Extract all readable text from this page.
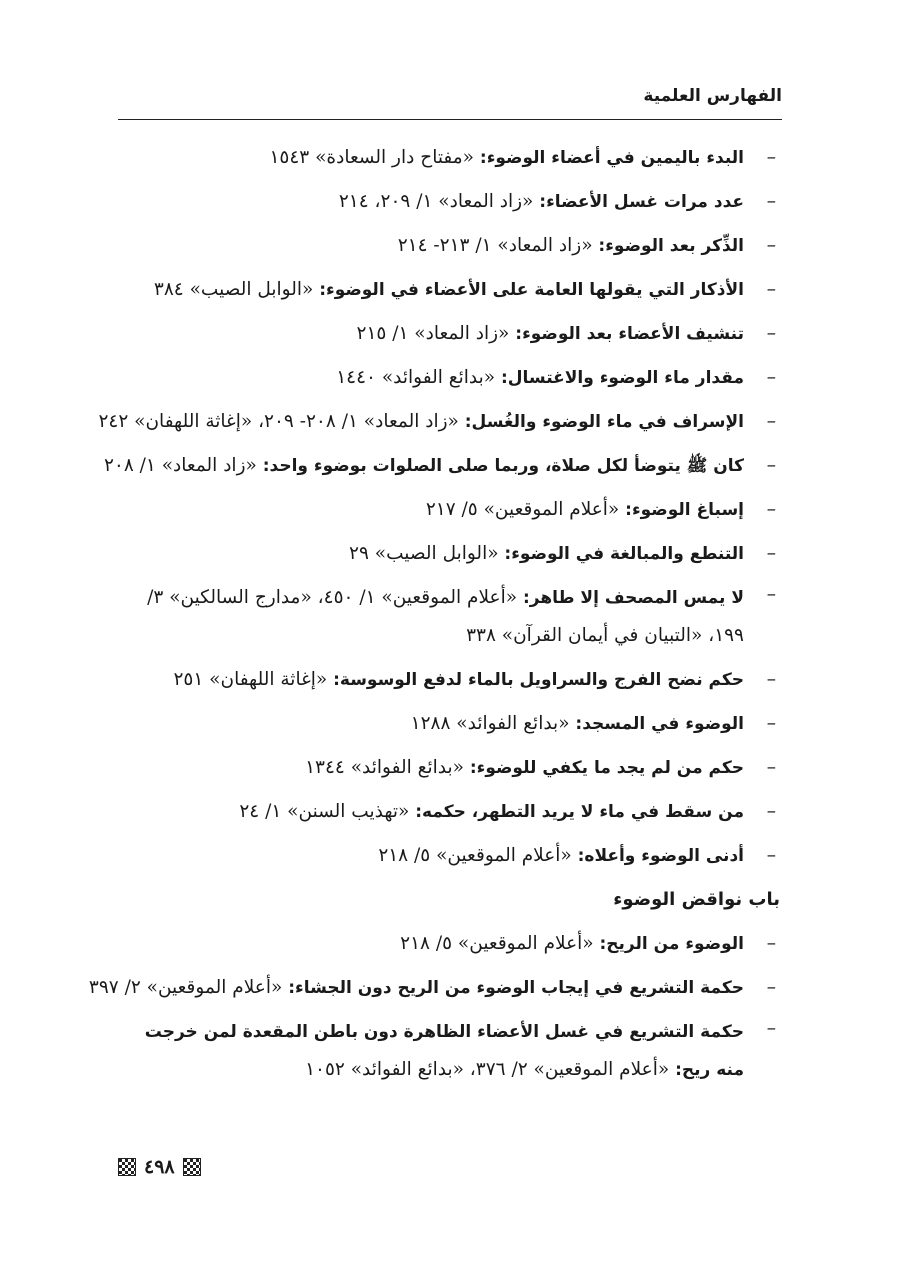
الفهارس العلمية
–
البدء باليمين في أعضاء الوضوء: «مفتاح دار السعادة» ١٥٤٣
–
عدد مرات غسل الأعضاء: «زاد المعاد» ١/ ٢٠٩، ٢١٤
–
الذِّكر بعد الوضوء: «زاد المعاد» ١/ ٢١٣- ٢١٤
–
الأذكار التي يقولها العامة على الأعضاء في الوضوء: «الوابل الصيب» ٣٨٤
–
تنشيف الأعضاء بعد الوضوء: «زاد المعاد» ١/ ٢١٥
–
مقدار ماء الوضوء والاغتسال: «بدائع الفوائد» ١٤٤٠
–
الإسراف في ماء الوضوء والغُسل: «زاد المعاد» ١/ ٢٠٨- ٢٠٩، «إغاثة اللهفان» ٢٤٢
–
كان ﷺ يتوضأ لكل صلاة، وربما صلى الصلوات بوضوء واحد: «زاد المعاد» ١/ ٢٠٨
–
إسباغ الوضوء: «أعلام الموقعين» ٥/ ٢١٧
–
التنطع والمبالغة في الوضوء: «الوابل الصيب» ٢٩
–
لا يمس المصحف إلا طاهر: «أعلام الموقعين» ١/ ٤٥٠، «مدارج السالكين» ٣/ ١٩٩، «التبيان في أيمان القرآن» ٣٣٨
–
حكم نضح الفرج والسراويل بالماء لدفع الوسوسة: «إغاثة اللهفان» ٢٥١
–
الوضوء في المسجد: «بدائع الفوائد» ١٢٨٨
–
حكم من لم يجد ما يكفي للوضوء: «بدائع الفوائد» ١٣٤٤
–
من سقط في ماء لا يريد التطهر، حكمه: «تهذيب السنن» ١/ ٢٤
–
أدنى الوضوء وأعلاه: «أعلام الموقعين» ٥/ ٢١٨
باب نواقض الوضوء
–
الوضوء من الريح: «أعلام الموقعين» ٥/ ٢١٨
–
حكمة التشريع في إيجاب الوضوء من الريح دون الجشاء: «أعلام الموقعين» ٢/ ٣٩٧
–
حكمة التشريع في غسل الأعضاء الظاهرة دون باطن المقعدة لمن خرجت منه ريح: «أعلام الموقعين» ٢/ ٣٧٦، «بدائع الفوائد» ١٠٥٢
٤٩٨
